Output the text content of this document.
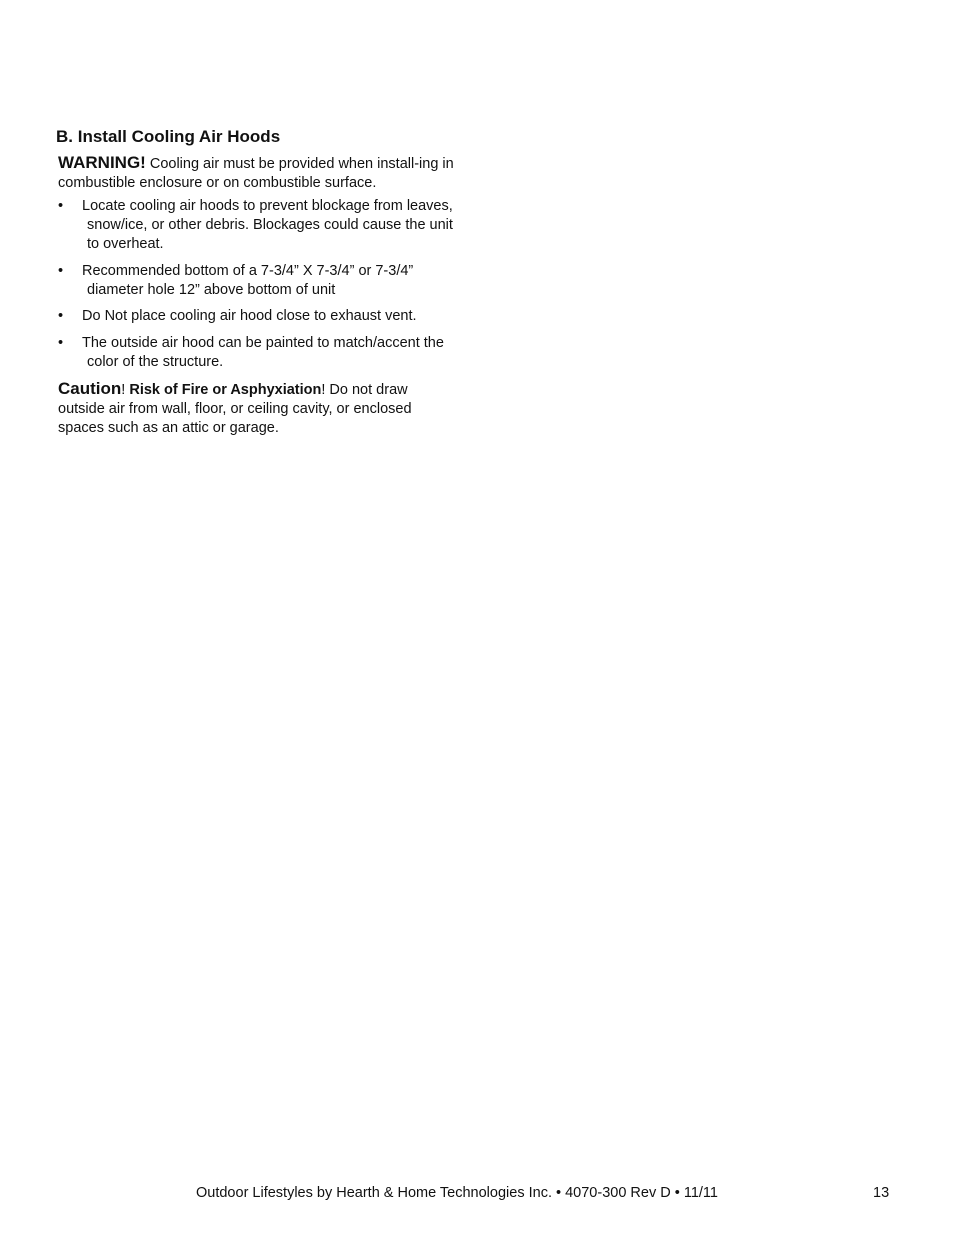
B. Install Cooling Air Hoods

WARNING! Cooling air must be provided when install-ing in combustible enclosure or on combustible surface.

• Locate cooling air hoods to prevent blockage from leaves, snow/ice, or other debris. Blockages could cause the unit to overheat.
• Recommended bottom of a 7-3/4” X 7-3/4” or 7-3/4” diameter hole 12” above bottom of unit
• Do Not place cooling air hood close to exhaust vent.
• The outside air hood can be painted to match/accent the color of the structure.

Caution! Risk of Fire or Asphyxiation! Do not draw outside air from wall, floor, or ceiling cavity, or enclosed spaces such as an attic or garage.

Outdoor Lifestyles by Hearth & Home Technologies Inc. • 4070-300 Rev D • 11/11	13
